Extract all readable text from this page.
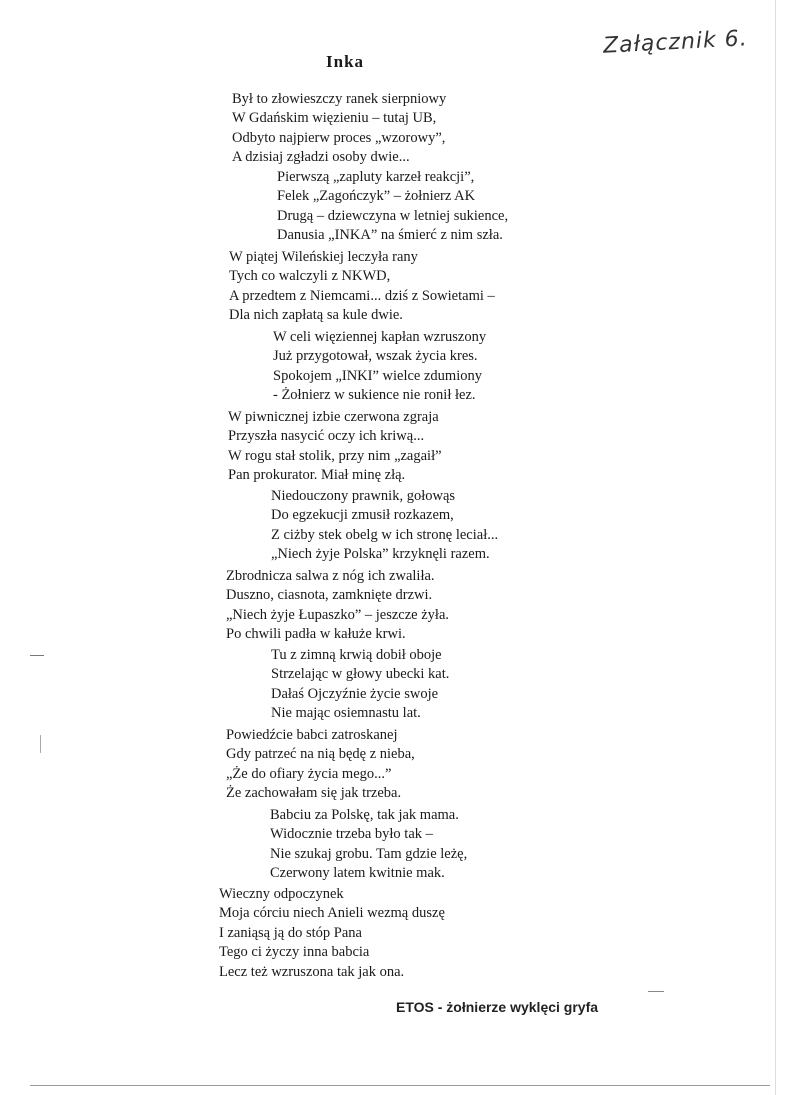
Załącznik 6.
Inka
Był to złowieszczy ranek sierpniowy
W Gdańskim więzieniu – tutaj UB,
Odbyto najpierw proces „wzorowy”,
A dzisiaj zgładzi osoby dwie...
Pierwszą „zapluty karzeł reakcji”,
Felek „Zagończyk” – żołnierz AK
Drugą – dziewczyna w letniej sukience,
Danusia „INKA” na śmierć z nim szła.
W piątej Wileńskiej leczyła rany
Tych co walczyli z NKWD,
A przedtem z Niemcami... dziś z Sowietami –
Dla nich zapłatą sa kule dwie.
W celi więziennej kapłan wzruszony
Już przygotował, wszak życia kres.
Spokojem „INKI” wielce zdumiony
- Żołnierz w sukience nie ronił łez.
W piwnicznej izbie czerwona zgraja
Przyszła nasycić oczy ich kriwą...
W rogu stał stolik, przy nim „zagaił”
Pan prokurator. Miał minę złą.
Niedouczony prawnik, gołowąs
Do egzekucji zmusił rozkazem,
Z ciżby stek obelg w ich stronę leciał...
„Niech żyje Polska” krzyknęli razem.
Zbrodnicza salwa z nóg ich zwaliła.
Duszno, ciasnota, zamknięte drzwi.
„Niech żyje Łupaszko” – jeszcze żyła.
Po chwili padła w kałuże krwi.
Tu z zimną krwią dobił oboje
Strzelając w głowy ubecki kat.
Dałaś Ojczyźnie życie swoje
Nie mając osiemnastu lat.
Powiedźcie babci zatroskanej
Gdy patrzeć na nią będę z nieba,
„Że do ofiary życia mego...”
Że zachowałam się jak trzeba.
Babciu za Polskę, tak jak mama.
Widocznie trzeba było tak –
Nie szukaj grobu. Tam gdzie leżę,
Czerwony latem kwitnie mak.
Wieczny odpoczynek
Moja córciu niech Anieli wezmą duszę
I zaniąsą ją do stóp Pana
Tego ci życzy inna babcia
Lecz też wzruszona tak jak ona.
ETOS - żołnierze wyklęci gryfa
